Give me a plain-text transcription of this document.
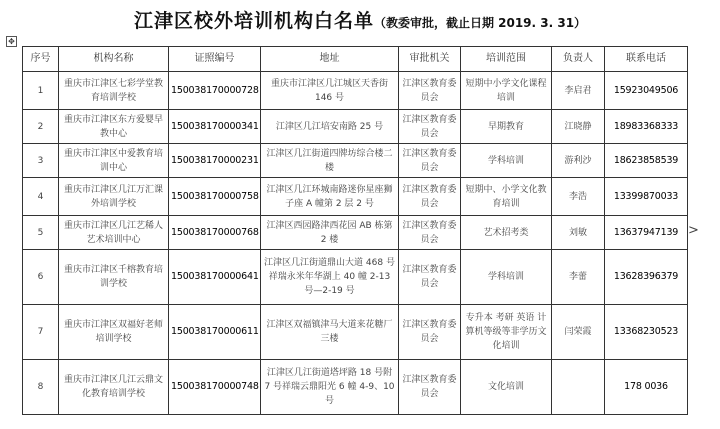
江津区校外培训机构白名单（教委审批，截止日期 2019. 3. 31）
✥
序号	机构名称	证照编号	地址	审批机关	培训范围	负责人	联系电话
1	重庆市江津区七彩学堂教育培训学校	150038170000728	重庆市江津区几江城区天香街 146 号	江津区教育委员会	短期中小学文化课程培训	李启君	15923049506
2	重庆市江津区东方爱婴早教中心	150038170000341	江津区几江培安南路 25 号	江津区教育委员会	早期教育	江晓静	18983368333
3	重庆市江津区中爱教育培训中心	150038170000231	江津区几江街道四牌坊综合楼二楼	江津区教育委员会	学科培训	游利沙	18623858539
4	重庆市江津区几江万汇课外培训学校	150038170000758	江津区几江环城南路迷你星座狮子座 A 幢第 2 层 2 号	江津区教育委员会	短期中、小学文化教育培训	李浩	13399870033
5	重庆市江津区几江艺稀人艺术培训中心	150038170000768	江津区西园路津西花园 AB 栋第 2 楼	江津区教育委员会	艺术招考类	刘敏	13637947139
6	重庆市江津区千榕教育培训学校	150038170000641	江津区几江街道鼎山大道 468 号祥瑞永米年华湖上 40 幢 2-13 号—2-19 号	江津区教育委员会	学科培训	李蕾	13628396379
7	重庆市江津区双福好老师培训学校	150038170000611	江津区双福镇津马大道来花糖厂三楼	江津区教育委员会	专升本 考研 英语 计算机等级等非学历文化培训	闫荣霞	13368230523
8	重庆市江津区几江云鼎文化教育培训学校	150038170000748	江津区几江街道塔坪路 18 号附 7 号祥瑞云鼎阳光 6 幢 4-9、10 号	江津区教育委员会	文化培训		178 0036
>
